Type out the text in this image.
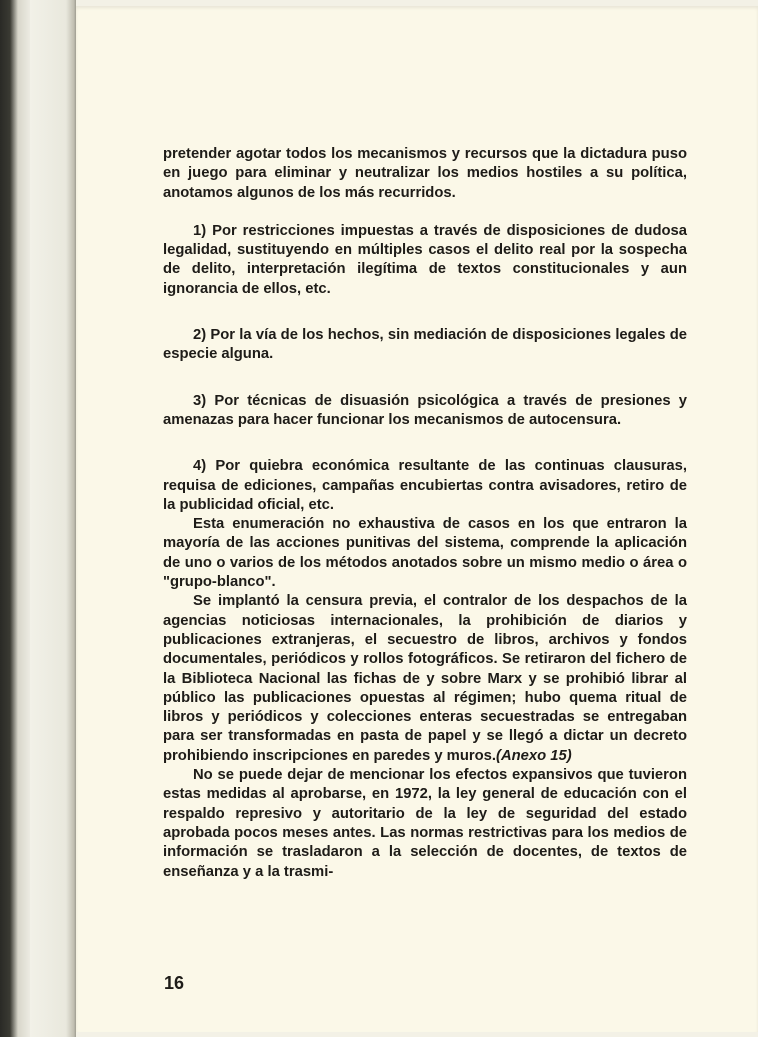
pretender agotar todos los mecanismos y recursos que la dictadura puso en juego para eliminar y neutralizar los medios hostiles a su política, anotamos algunos de los más recurridos.

1) Por restricciones impuestas a través de disposiciones de dudosa legalidad, sustituyendo en múltiples casos el delito real por la sospecha de delito, interpretación ilegítima de textos constitucionales y aun ignorancia de ellos, etc.

2) Por la vía de los hechos, sin mediación de disposiciones legales de especie alguna.

3) Por técnicas de disuasión psicológica a través de presiones y amenazas para hacer funcionar los mecanismos de autocensura.

4) Por quiebra económica resultante de las continuas clausuras, requisa de ediciones, campañas encubiertas contra avisadores, retiro de la publicidad oficial, etc.

Esta enumeración no exhaustiva de casos en los que entraron la mayoría de las acciones punitivas del sistema, comprende la aplicación de uno o varios de los métodos anotados sobre un mismo medio o área o "grupo-blanco".

Se implantó la censura previa, el contralor de los despachos de la agencias noticiosas internacionales, la prohibición de diarios y publicaciones extranjeras, el secuestro de libros, archivos y fondos documentales, periódicos y rollos fotográficos. Se retiraron del fichero de la Biblioteca Nacional las fichas de y sobre Marx y se prohibió librar al público las publicaciones opuestas al régimen; hubo quema ritual de libros y periódicos y colecciones enteras secuestradas se entregaban para ser transformadas en pasta de papel y se llegó a dictar un decreto prohibiendo inscripciones en paredes y muros.(Anexo 15)

No se puede dejar de mencionar los efectos expansivos que tuvieron estas medidas al aprobarse, en 1972, la ley general de educación con el respaldo represivo y autoritario de la ley de seguridad del estado aprobada pocos meses antes. Las normas restrictivas para los medios de información se trasladaron a la selección de docentes, de textos de enseñanza y a la trasmi-

16
